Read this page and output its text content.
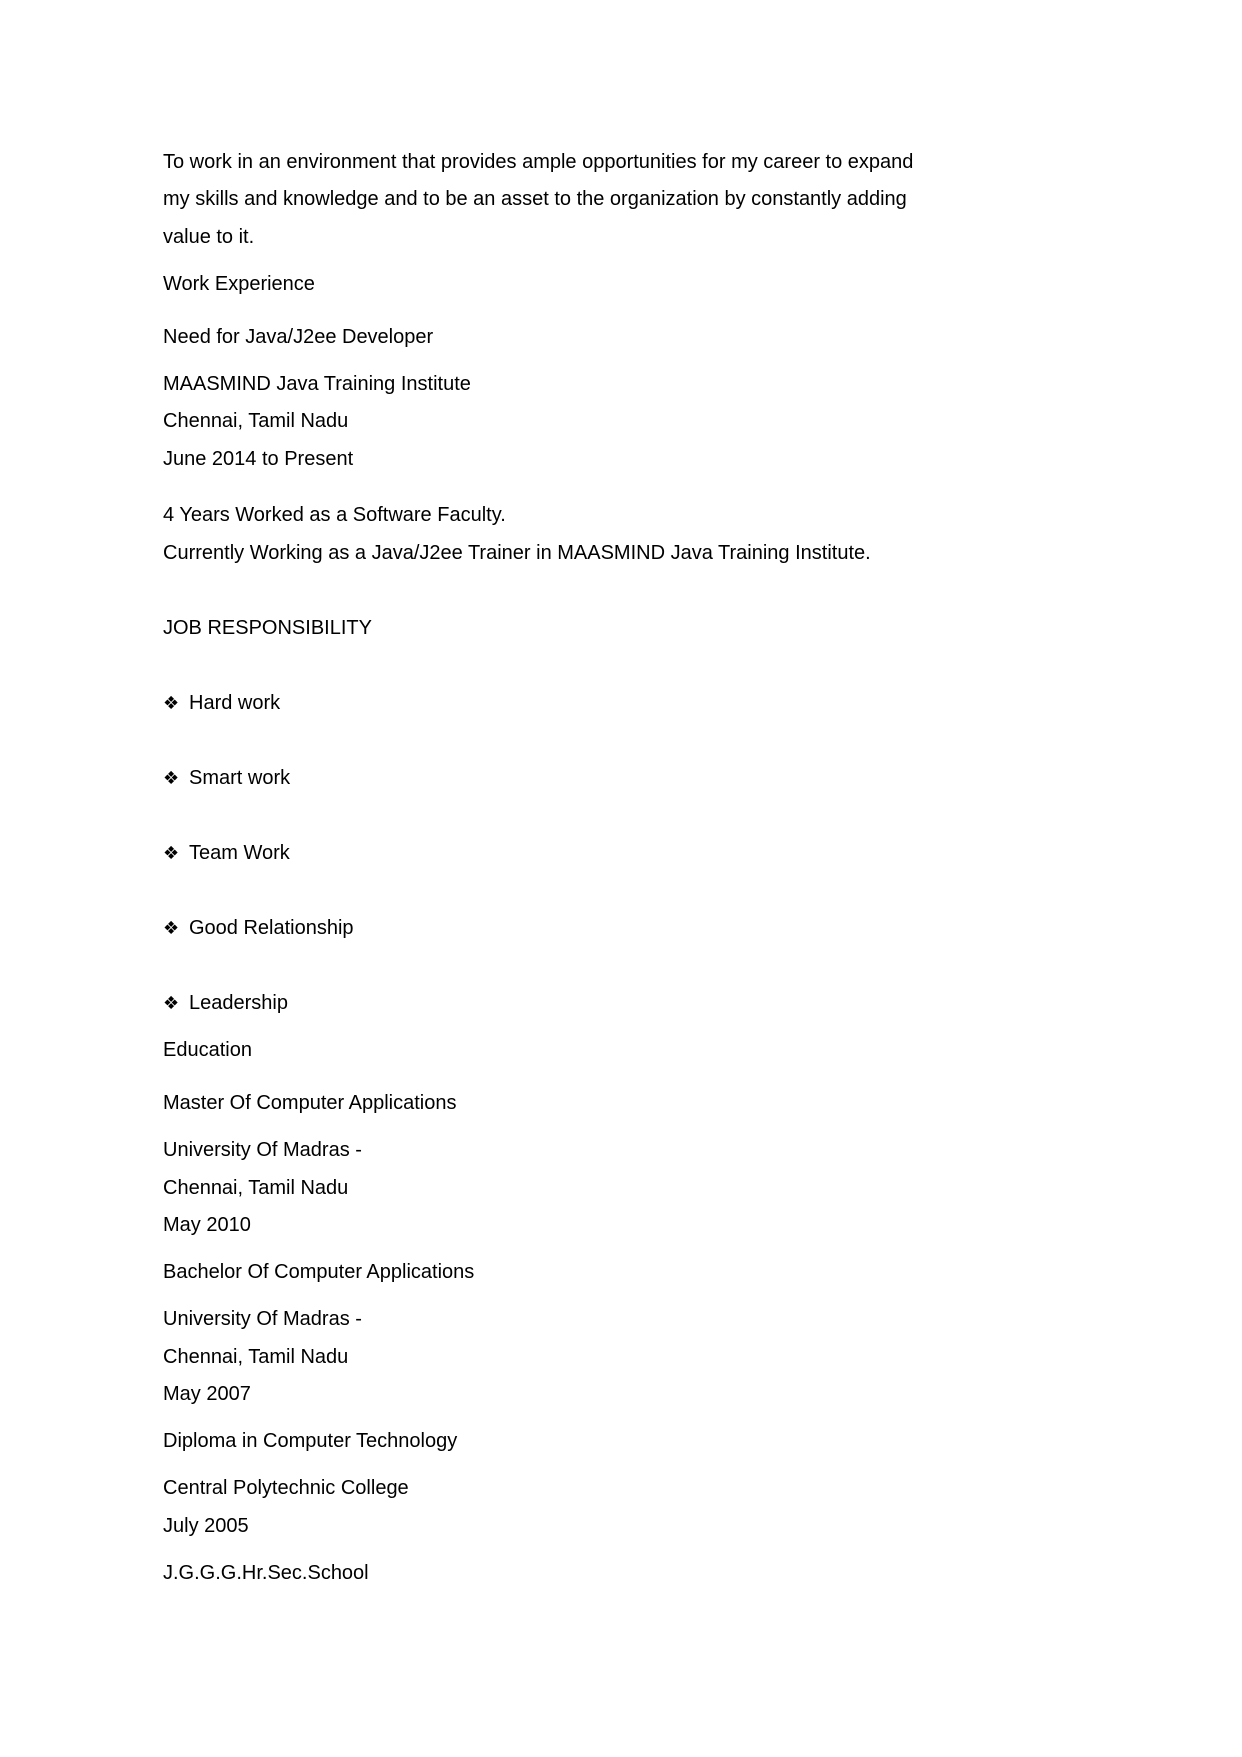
To work in an environment that provides ample opportunities for my career to expand

my skills and knowledge and to be an asset to the organization by constantly adding

value to it.

Work Experience

Need for Java/J2ee Developer

MAASMIND Java Training Institute

Chennai, Tamil Nadu

June 2014 to Present

4 Years Worked as a Software Faculty.

Currently Working as a Java/J2ee Trainer in MAASMIND Java Training Institute.

JOB RESPONSIBILITY

❖ Hard work

❖ Smart work

❖ Team Work

❖ Good Relationship

❖ Leadership

Education

Master Of Computer Applications

University Of Madras -

Chennai, Tamil Nadu

May 2010

Bachelor Of Computer Applications

University Of Madras -

Chennai, Tamil Nadu

May 2007

Diploma in Computer Technology

Central Polytechnic College

July 2005

J.G.G.G.Hr.Sec.School
